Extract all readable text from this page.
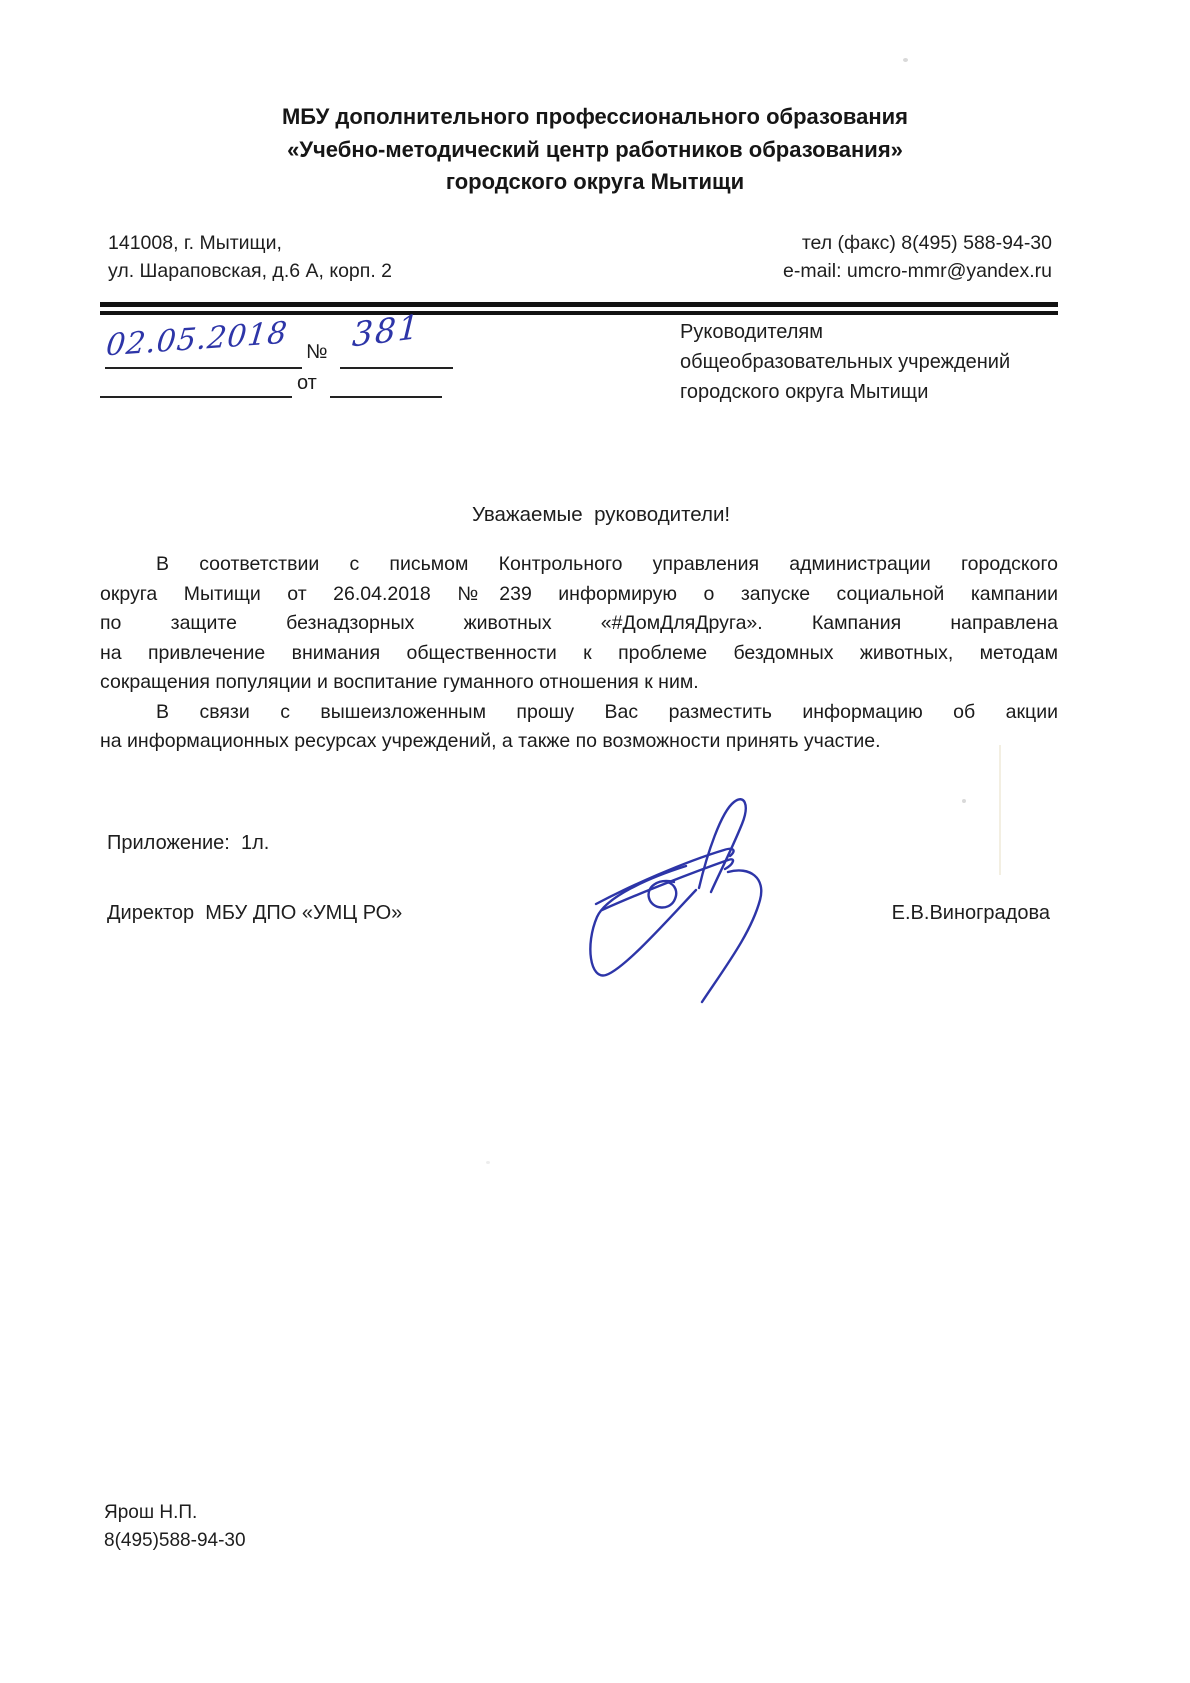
МБУ дополнительного профессионального образования
«Учебно-методический центр работников образования»
городского округа Мытищи
141008, г. Мытищи,
ул. Шараповская, д.6 А, корп. 2
тел (факс) 8(495) 588-94-30
e-mail: umcro-mmr@yandex.ru
02.05.2018 № 381
от
Руководителям
общеобразовательных учреждений
городского округа Мытищи
Уважаемые  руководители!
В соответствии с письмом Контрольного управления администрации городского
округа Мытищи от 26.04.2018 №239 информирую о запуске социальной кампании
по защите безнадзорных животных «#ДомДляДруга». Кампания направлена
на привлечение внимания общественности к проблеме бездомных животных, методам
сокращения популяции и воспитание гуманного отношения к ним.
В связи с вышеизложенным прошу Вас разместить информацию об акции
на информационных ресурсах учреждений, а также по возможности принять участие.
Приложение:  1л.
Директор  МБУ ДПО «УМЦ РО»	Е.В.Виноградова
Ярош Н.П.
8(495)588-94-30
